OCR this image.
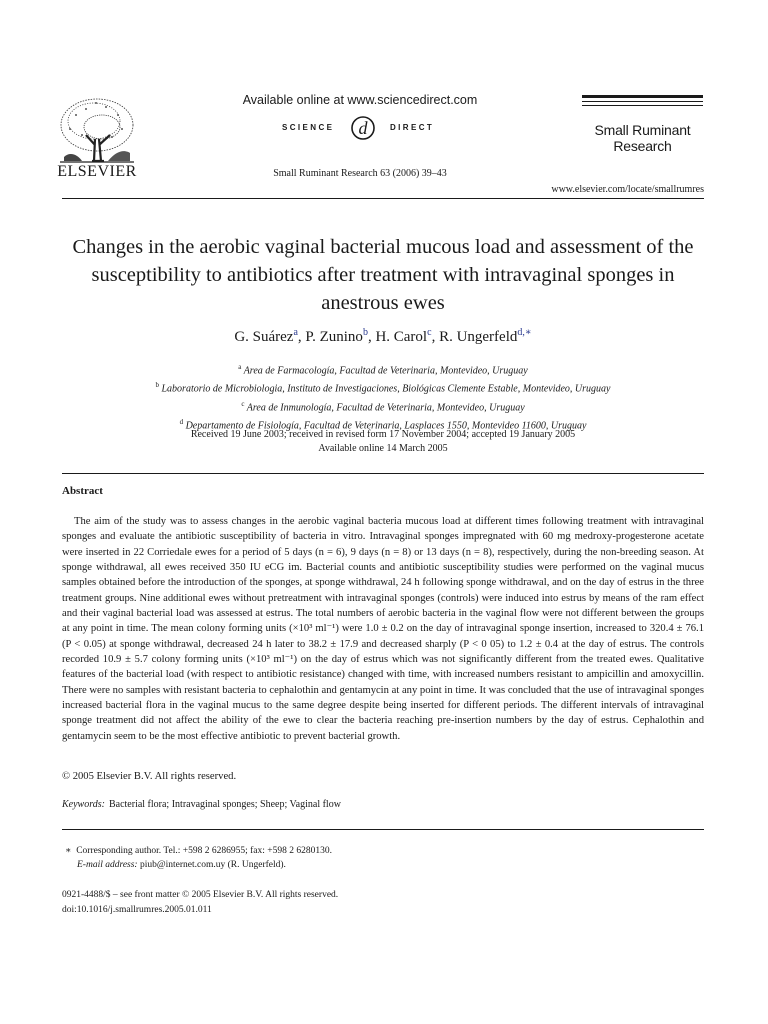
ELSEVIER
Available online at www.sciencedirect.com
SCIENCE d	DIRECT
Small Ruminant Research 63 (2006) 39–43
Small Ruminant
Research
www.elsevier.com/locate/smallrumres
Changes in the aerobic vaginal bacterial mucous load and assessment of the susceptibility to antibiotics after treatment with intravaginal sponges in anestrous ewes
G. Suárez$^a$, P. Zunino$^b$, H. Carol$^c$, R. Ungerfeld$^{d,∗}$
$^a$ Area de Farmacología, Facultad de Veterinaria, Montevideo, Uruguay
$^b$ Laboratorio de Microbiologia, Instituto de Investigaciones, Biológicas Clemente Estable, Montevideo, Uruguay
$^c$ Area de Inmunología, Facultad de Veterinaria, Montevideo, Uruguay
$^d$ Departamento de Fisiología, Facultad de Veterinaria, Lasplaces 1550, Montevideo 11600, Uruguay
Received 19 June 2003; received in revised form 17 November 2004; accepted 19 January 2005
Available online 14 March 2005
Abstract
The aim of the study was to assess changes in the aerobic vaginal bacteria mucous load at different times following treatment with intravaginal sponges and evaluate the antibiotic susceptibility of bacteria in vitro. Intravaginal sponges impregnated with 60 mg medroxy-progesterone acetate were inserted in 22 Corriedale ewes for a period of 5 days (n = 6), 9 days (n = 8) or 13 days (n = 8), respectively, during the non-breeding season. At sponge withdrawal, all ewes received 350 IU eCG im. Bacterial counts and antibiotic susceptibility studies were performed on the vaginal mucus samples obtained before the introduction of the sponges, at sponge withdrawal, 24 h following sponge withdrawal, and on the day of estrus in the three treatment groups. Nine additional ewes without pretreatment with intravaginal sponges (controls) were induced into estrus by means of the ram effect and their vaginal bacterial load was assessed at estrus. The total numbers of aerobic bacteria in the vaginal flow were not different between the groups at any point in time. The mean colony forming units (×10³ ml⁻¹) were 1.0 ± 0.2 on the day of intravaginal sponge insertion, increased to 320.4 ± 76.1 (P < 0.05) at sponge withdrawal, decreased 24 h later to 38.2 ± 17.9 and decreased sharply (P < 0 05) to 1.2 ± 0.4 at the day of estrus. The controls recorded 10.9 ± 5.7 colony forming units (×10³ ml⁻¹) on the day of estrus which was not significantly different from the treated ewes. Qualitative features of the bacterial load (with respect to antibiotic resistance) changed with time, with increased numbers resistant to ampicillin and amoxycillin. There were no samples with resistant bacteria to cephalothin and gentamycin at any point in time. It was concluded that the use of intravaginal sponges increased bacterial flora in the vaginal mucus to the same degree despite being inserted for different periods. The different intervals of intravaginal sponge treatment did not affect the ability of the ewe to clear the bacteria reaching pre-insertion numbers by the day of estrus. Cephalothin and gentamycin seem to be the most effective antibiotic to prevent bacterial growth.
© 2005 Elsevier B.V. All rights reserved.
Keywords: Bacterial flora; Intravaginal sponges; Sheep; Vaginal flow
∗ Corresponding author. Tel.: +598 2 6286955; fax: +598 2 6280130.
E-mail address: piub@internet.com.uy (R. Ungerfeld).
0921-4488/$ – see front matter © 2005 Elsevier B.V. All rights reserved.
doi:10.1016/j.smallrumres.2005.01.011
